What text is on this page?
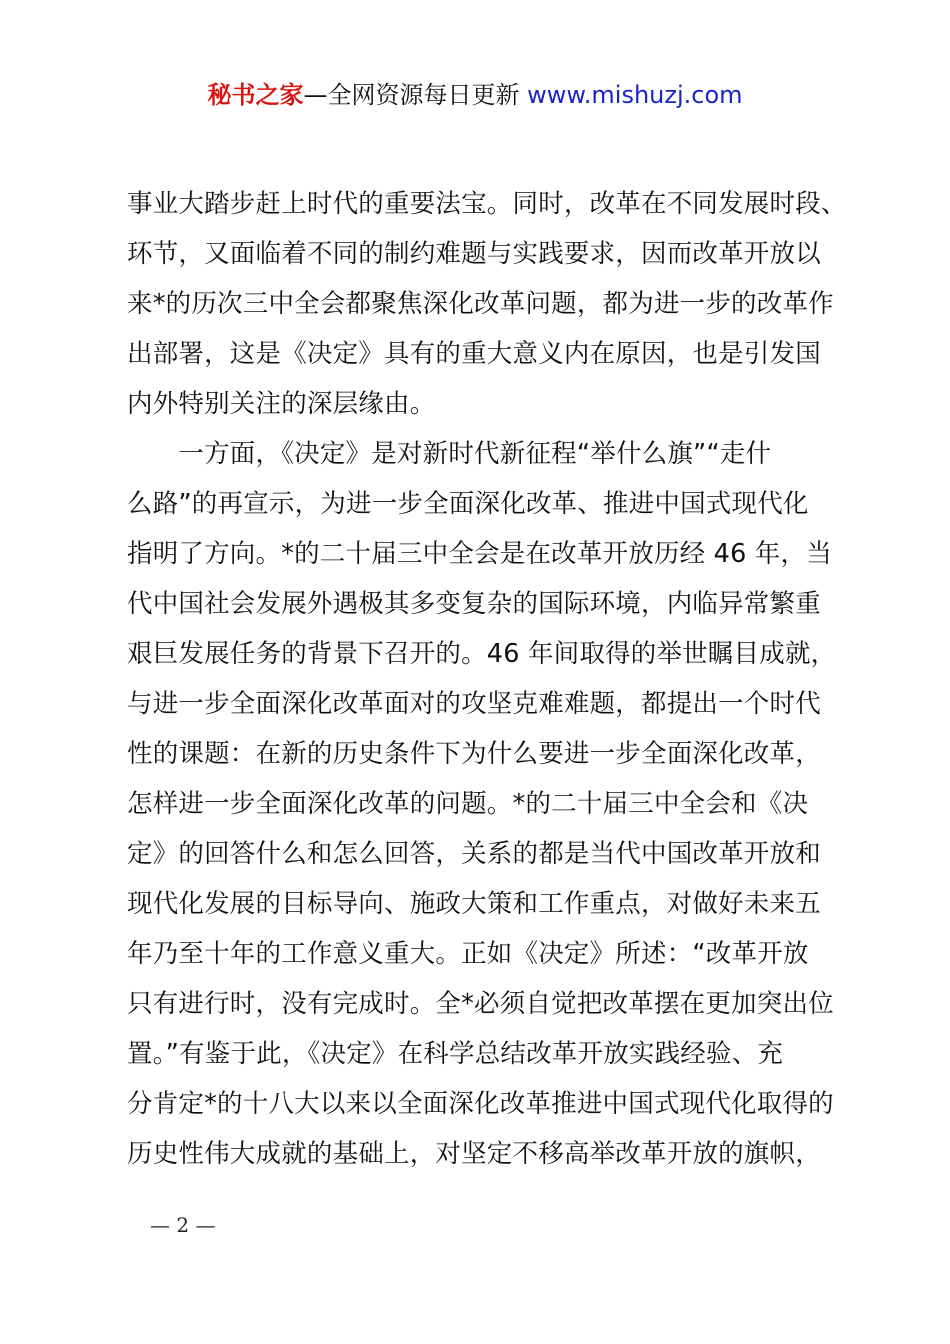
秘书之家—全网资源每日更新 www.mishuzj.com
事业大踏步赶上时代的重要法宝。同时，改革在不同发展时段、
环节，又面临着不同的制约难题与实践要求，因而改革开放以
来*的历次三中全会都聚焦深化改革问题，都为进一步的改革作
出部署，这是《决定》具有的重大意义内在原因，也是引发国
内外特别关注的深层缘由。
　　一方面，《决定》是对新时代新征程“举什么旗”“走什
么路”的再宣示，为进一步全面深化改革、推进中国式现代化
指明了方向。*的二十届三中全会是在改革开放历经 46 年，当
代中国社会发展外遇极其多变复杂的国际环境，内临异常繁重
艰巨发展任务的背景下召开的。46 年间取得的举世瞩目成就，
与进一步全面深化改革面对的攻坚克难难题，都提出一个时代
性的课题：在新的历史条件下为什么要进一步全面深化改革，
怎样进一步全面深化改革的问题。*的二十届三中全会和《决
定》的回答什么和怎么回答，关系的都是当代中国改革开放和
现代化发展的目标导向、施政大策和工作重点，对做好未来五
年乃至十年的工作意义重大。正如《决定》所述：“改革开放
只有进行时，没有完成时。全*必须自觉把改革摆在更加突出位
置。”有鉴于此，《决定》在科学总结改革开放实践经验、充
分肯定*的十八大以来以全面深化改革推进中国式现代化取得的
历史性伟大成就的基础上，对坚定不移高举改革开放的旗帜，
— 2 —
